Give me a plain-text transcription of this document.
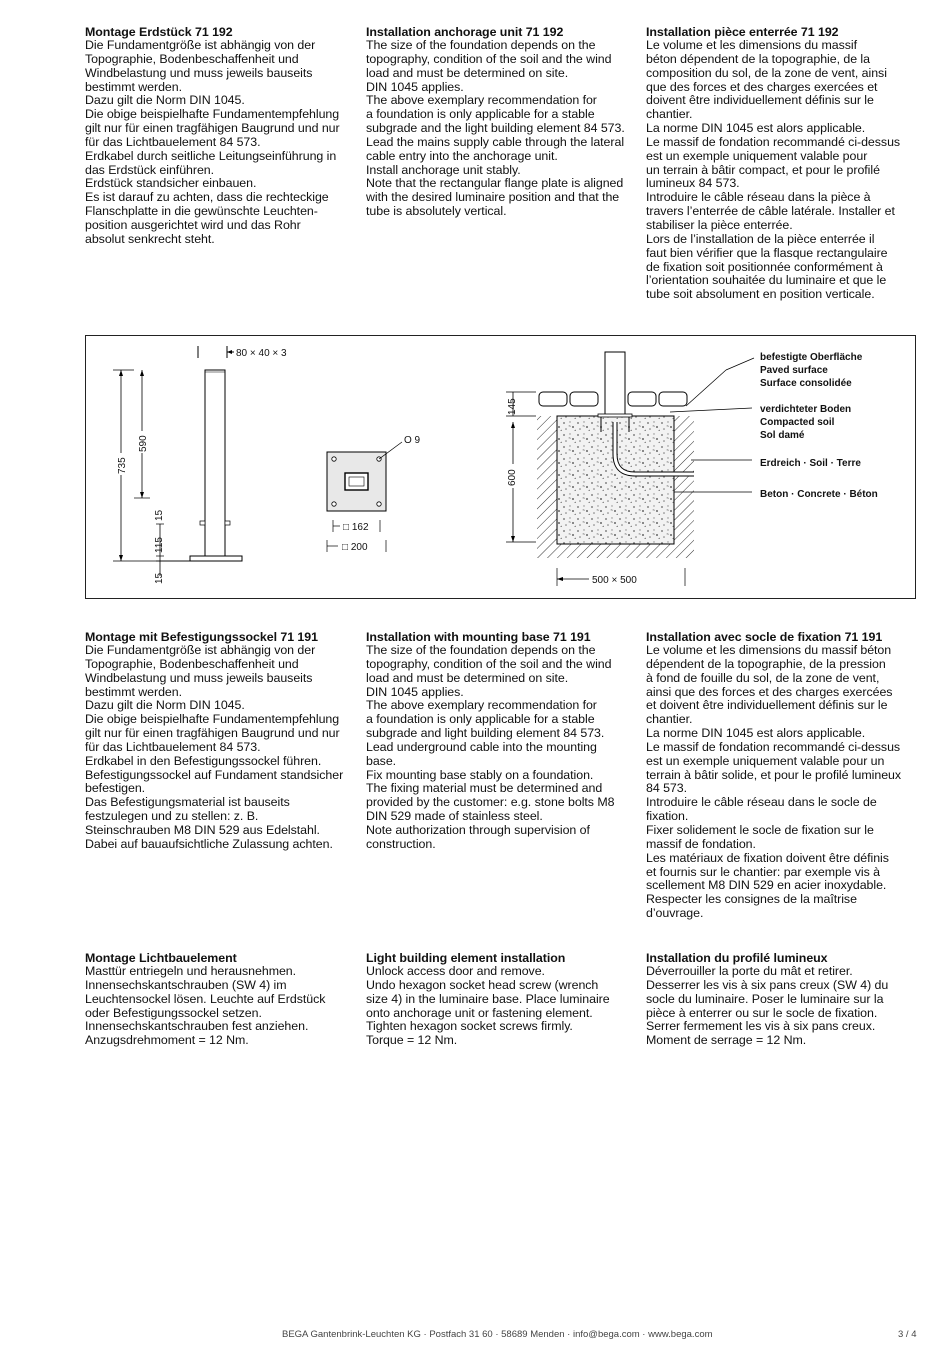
Montage Erdstück 71 192

Die Fundamentgröße ist abhängig von der
Topographie, Bodenbeschaffenheit und
Windbelastung und muss jeweils bauseits
bestimmt werden.
Dazu gilt die Norm DIN 1045.
Die obige beispielhafte Fundamentempfehlung
gilt nur für einen tragfähigen Baugrund und nur
für das Lichtbauelement 84 573.
Erdkabel durch seitliche Leitungseinführung in
das Erdstück einführen.
Erdstück standsicher einbauen.
Es ist darauf zu achten, dass die rechteckige
Flanschplatte in die gewünschte Leuchten-
position ausgerichtet wird und das Rohr
absolut senkrecht steht.

Installation anchorage unit 71 192

The size of the foundation depends on the
topography, condition of the soil and the wind
load and must be determined on site.
DIN 1045 applies.
The above exemplary recommendation for
a foundation is only applicable for a stable
subgrade and the light building element 84 573.
Lead the mains supply cable through the lateral
cable entry into the anchorage unit.
Install anchorage unit stably.
Note that the rectangular flange plate is aligned
with the desired luminaire position and that the
tube is absolutely vertical.

Installation pièce enterrée 71 192

Le volume et les dimensions du massif
béton dépendent de la topographie, de la
composition du sol, de la zone de vent, ainsi
que des forces et des charges exercées et
doivent être individuellement définis sur le
chantier.
La norme DIN 1045 est alors applicable.
Le massif de fondation recommandé ci-dessus
est un exemple uniquement valable pour
un terrain à bâtir compact, et pour le profilé
lumineux 84 573.
Introduire le câble réseau dans la pièce à
travers l’enterrée de câble latérale. Installer et
stabiliser la pièce enterrée.
Lors de l’installation de la pièce enterrée il
faut bien vérifier que la flasque rectangulaire
de fixation soit positionnée conformément à
l’orientation souhaitée du luminaire et que le
tube soit absolument en position verticale.

80 × 40 × 3
735
590
15
115
15
O 9
□ 162
□ 200
145
600
500 × 500
befestigte Oberfläche
Paved surface
Surface consolidée
verdichteter Boden
Compacted soil
Sol damé
Erdreich · Soil · Terre
Beton · Concrete · Béton
Montage mit Befestigungssockel 71 191

Die Fundamentgröße ist abhängig von der
Topographie, Bodenbeschaffenheit und
Windbelastung und muss jeweils bauseits
bestimmt werden.
Dazu gilt die Norm DIN 1045.
Die obige beispielhafte Fundamentempfehlung
gilt nur für einen tragfähigen Baugrund und nur
für das Lichtbauelement 84 573.
Erdkabel in den Befestigungssockel führen.
Befestigungssockel auf Fundament standsicher
befestigen.
Das Befestigungsmaterial ist bauseits
festzulegen und zu stellen: z. B.
Steinschrauben M8 DIN 529 aus Edelstahl.
Dabei auf bauaufsichtliche Zulassung achten.

Installation with mounting base 71 191

The size of the foundation depends on the
topography, condition of the soil and the wind
load and must be determined on site.
DIN 1045 applies.
The above exemplary recommendation for
a foundation is only applicable for a stable
subgrade and light building element 84 573.
Lead underground cable into the mounting
base.
Fix mounting base stably on a foundation.
The fixing material must be determined and
provided by the customer: e.g. stone bolts M8
DIN 529 made of stainless steel.
Note authorization through supervision of
construction.

Installation avec socle de fixation 71 191

Le volume et les dimensions du massif béton
dépendent de la topographie, de la pression
à fond de fouille du sol, de la zone de vent,
ainsi que des forces et des charges exercées
et doivent être individuellement définis sur le
chantier.
La norme DIN 1045 est alors applicable.
Le massif de fondation recommandé ci-dessus
est un exemple uniquement valable pour un
terrain à bâtir solide, et pour le profilé lumineux
84 573.
Introduire le câble réseau dans le socle de
fixation.
Fixer solidement le socle de fixation sur le
massif de fondation.
Les matériaux de fixation doivent être définis
et fournis sur le chantier: par exemple vis à
scellement M8 DIN 529 en acier inoxydable.
Respecter les consignes de la maîtrise
d’ouvrage.

Montage Lichtbauelement

Masttür entriegeln und herausnehmen.
Innensechskantschrauben (SW 4) im
Leuchtensockel lösen. Leuchte auf Erdstück
oder Befestigungssockel setzen.
Innensechskantschrauben fest anziehen.
Anzugsdrehmoment = 12 Nm.

Light building element installation

Unlock access door and remove.
Undo hexagon socket head screw (wrench
size 4) in the luminaire base. Place luminaire
onto anchorage unit or fastening element.
Tighten hexagon socket screws firmly.
Torque = 12 Nm.

Installation du profilé lumineux

Déverrouiller la porte du mât et retirer.
Desserrer les vis à six pans creux (SW 4) du
socle du luminaire. Poser le luminaire sur la
pièce à enterrer ou sur le socle de fixation.
Serrer fermement les vis à six pans creux.
Moment de serrage = 12 Nm.

BEGA Gantenbrink-Leuchten KG · Postfach 31 60 · 58689 Menden · info@bega.com · www.bega.com	3 / 4
